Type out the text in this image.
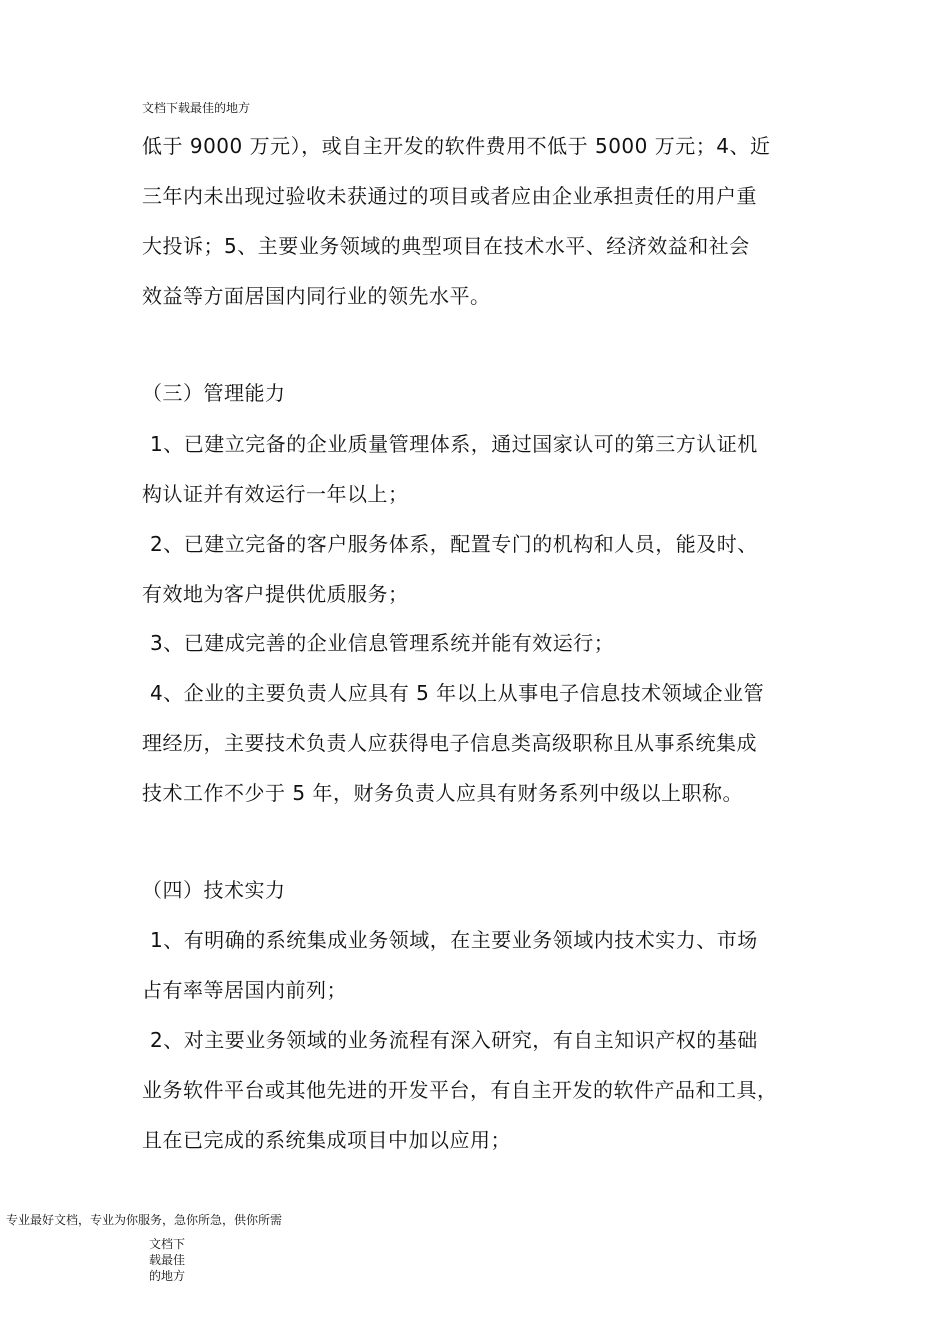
文档下载最佳的地方
低于 9000 万元），或自主开发的软件费用不低于 5000 万元；4、近
三年内未出现过验收未获通过的项目或者应由企业承担责任的用户重
大投诉；5、主要业务领域的典型项目在技术水平、经济效益和社会
效益等方面居国内同行业的领先水平。
（三）管理能力
1、已建立完备的企业质量管理体系，通过国家认可的第三方认证机
构认证并有效运行一年以上；
2、已建立完备的客户服务体系，配置专门的机构和人员，能及时、
有效地为客户提供优质服务；
3、已建成完善的企业信息管理系统并能有效运行；
4、企业的主要负责人应具有 5 年以上从事电子信息技术领域企业管
理经历，主要技术负责人应获得电子信息类高级职称且从事系统集成
技术工作不少于 5 年，财务负责人应具有财务系列中级以上职称。
（四）技术实力
1、有明确的系统集成业务领域，在主要业务领域内技术实力、市场
占有率等居国内前列；
2、对主要业务领域的业务流程有深入研究，有自主知识产权的基础
业务软件平台或其他先进的开发平台，有自主开发的软件产品和工具，
且在已完成的系统集成项目中加以应用；
专业最好文档，专业为你服务，急你所急，供你所需
文档下载最佳的地方
